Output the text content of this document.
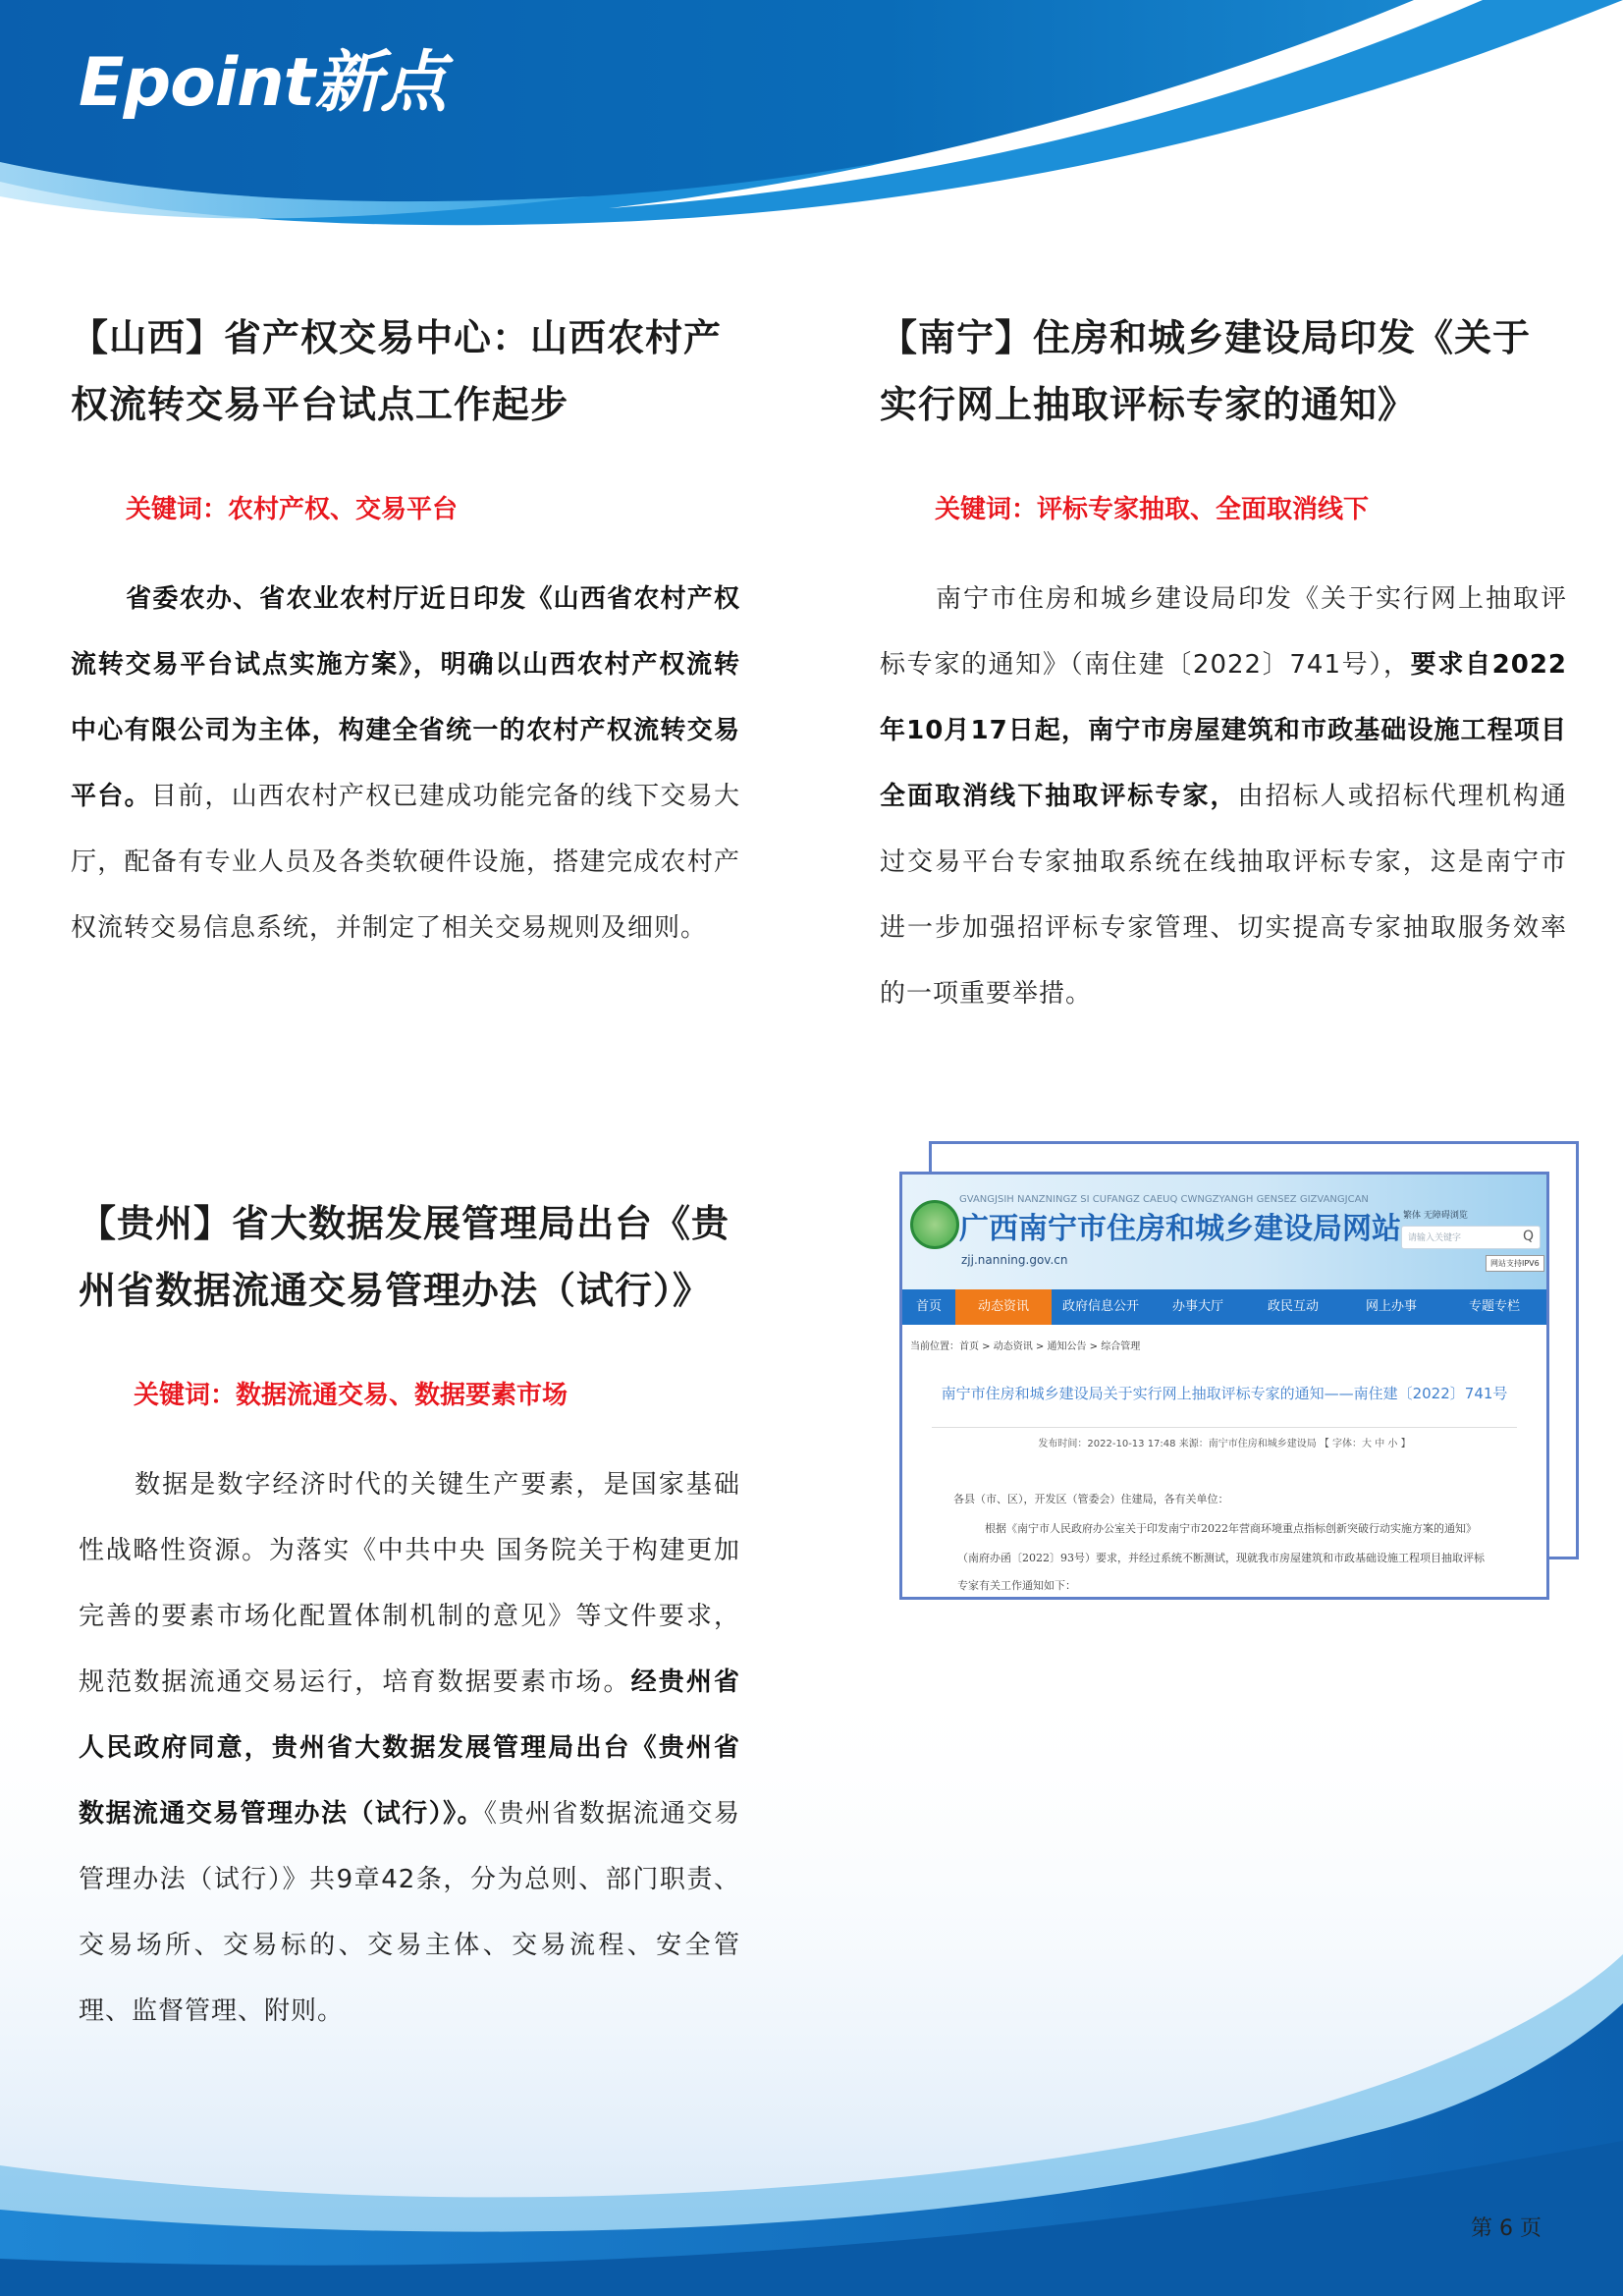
Epoint新点
【山西】省产权交易中心：山西农村产权流转交易平台试点工作起步
关键词：农村产权、交易平台
省委农办、省农业农村厅近日印发《山西省农村产权流转交易平台试点实施方案》，明确以山西农村产权流转中心有限公司为主体，构建全省统一的农村产权流转交易平台。目前，山西农村产权已建成功能完备的线下交易大厅，配备有专业人员及各类软硬件设施，搭建完成农村产权流转交易信息系统，并制定了相关交易规则及细则。
【南宁】住房和城乡建设局印发《关于实行网上抽取评标专家的通知》
关键词：评标专家抽取、全面取消线下
南宁市住房和城乡建设局印发《关于实行网上抽取评标专家的通知》（南住建〔2022〕741号），要求自2022年10月17日起，南宁市房屋建筑和市政基础设施工程项目全面取消线下抽取评标专家，由招标人或招标代理机构通过交易平台专家抽取系统在线抽取评标专家，这是南宁市进一步加强招评标专家管理、切实提高专家抽取服务效率的一项重要举措。
【贵州】省大数据发展管理局出台《贵州省数据流通交易管理办法（试行）》
关键词：数据流通交易、数据要素市场
数据是数字经济时代的关键生产要素，是国家基础性战略性资源。为落实《中共中央 国务院关于构建更加完善的要素市场化配置体制机制的意见》等文件要求，规范数据流通交易运行，培育数据要素市场。经贵州省人民政府同意，贵州省大数据发展管理局出台《贵州省数据流通交易管理办法（试行）》。《贵州省数据流通交易管理办法（试行）》共9章42条，分为总则、部门职责、交易场所、交易标的、交易主体、交易流程、安全管理、监督管理、附则。
GVANGJSIH NANZNINGZ SI CUFANGZ CAEUQ CWNGZYANGH GENSEZ GIZVANGJCAN
广西南宁市住房和城乡建设局网站
zjj.nanning.gov.cn
繁体 无障碍浏览
请输入关键字	Q
网站支持IPV6
首页	动态资讯	政府信息公开	办事大厅	政民互动	网上办事	专题专栏
当前位置：首页 > 动态资讯 > 通知公告 > 综合管理
南宁市住房和城乡建设局关于实行网上抽取评标专家的通知——南住建〔2022〕741号
发布时间：2022-10-13 17:48 来源：南宁市住房和城乡建设局 【 字体：大 中 小 】
各县（市、区），开发区（管委会）住建局，各有关单位：
根据《南宁市人民政府办公室关于印发南宁市2022年营商环境重点指标创新突破行动实施方案的通知》
（南府办函〔2022〕93号）要求，并经过系统不断测试，现就我市房屋建筑和市政基础设施工程项目抽取评标
专家有关工作通知如下：
第 6 页
